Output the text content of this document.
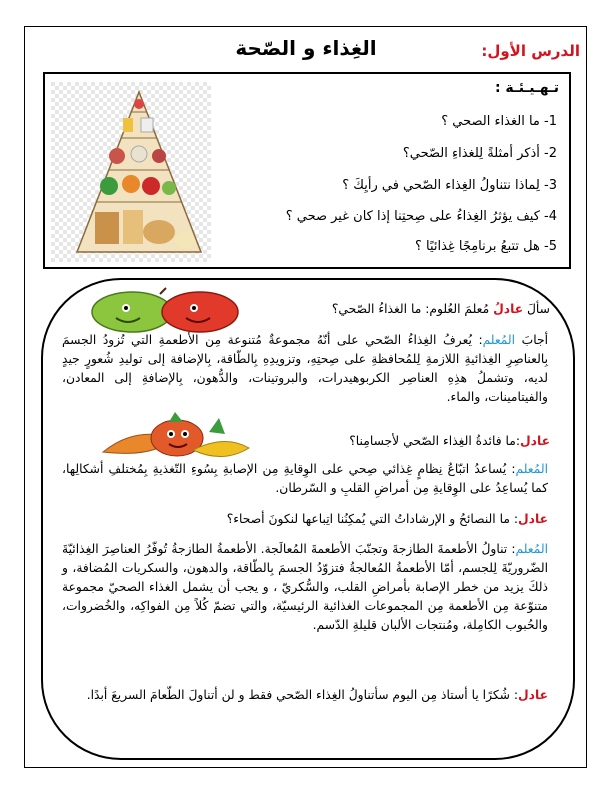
الدرس الأول:
الغِذاء و الصّحة
تـهـيـئـة :
1- ما الغذاء الصحي ؟
2- أذكر أمثلةً لِلغذاءِ الصّحي؟
3- لِماذا نتناولُ الغِذاء الصّحي في رأيِكَ ؟
4- كيف يؤثرُ الغِذاءُ على صِحتِنا إذا كان غير صحي ؟
5- هل تتبعُ برنامِجًا غِذائيًا ؟
سألَ عادلُ مُعلمَ العُلوم: ما الغذاءُ الصّحي؟
أجابَ المُعلم: يُعرفُ الغِذاءُ الصّحي على أنّهُ مجموعةٌ مُتنوعة مِن الأطعمةِ التي تُزودُ الجسمَ بِالعناصِرِ الغِذائيةِ اللازمةِ لِلمُحافظةِ على صِحتِهِ، وتزويدِهِ بِالطّاقة، بِالإضافة إلى توليدِ شُعورٍ جيدٍ لديه، وتشملُ هذِهِ العناصِر الكربوهيدرات، والبروتينات، والدُّهون، بِالإضافةِ إلى المعادن، والفيتامينات، والماء.
عادل:ما فائدةُ الغِذاء الصّحي لأجسامِنا؟
المُعلم: يُساعدُ اتبّاعُ نِظامٍ غِذائي صِحي على الوِقايةِ مِن الإصابةِ بِسُوءِ التّغذيةِ بِمُختلفِ أشكالِها، كما يُساعِدُ على الوِقايةِ مِن أمراضِ القلبِ و السّرطان.
عادل: ما النصائحُ و الإرشاداتُ التي يُمكِنُنا اتِباعها لنكونَ أصحاء؟
المُعلم: تناولُ الأطعمةَ الطازجةَ وتجنّبَ الأطعمةَ المُعالَجة. الأطعمةُ الطازجةُ تُوفّرُ العناصِرَ الغِذائيّةَ الضّروريّةَ لِلجسم، أمّا الأطعمةُ المُعالجةُ فتزوّدُ الجسمَ بِالطّاقة، والدهون، والسكريات المُضافة، و ذلكَ يزيد من خطر الإصابة بأمراضِ القلب، والسُّكريّ ، و يجب أن يشمل الغذاء الصحيّ مجموعة متنوّعة مِن الأطعمة مِن المجموعات الغذائية الرئيسيّة، والتي تضمّ كُلاً مِن الفواكِه، والخُضروات، والحُبوب الكامِلة، ومُنتجات الألبان قليلةِ الدّسم.
عادل: شُكرًا يا أستاذ مِن اليوم سأتناولُ الغِذاء الصّحي فقط و لن أتناولَ الطّعامَ السريعَ أبدًا.
